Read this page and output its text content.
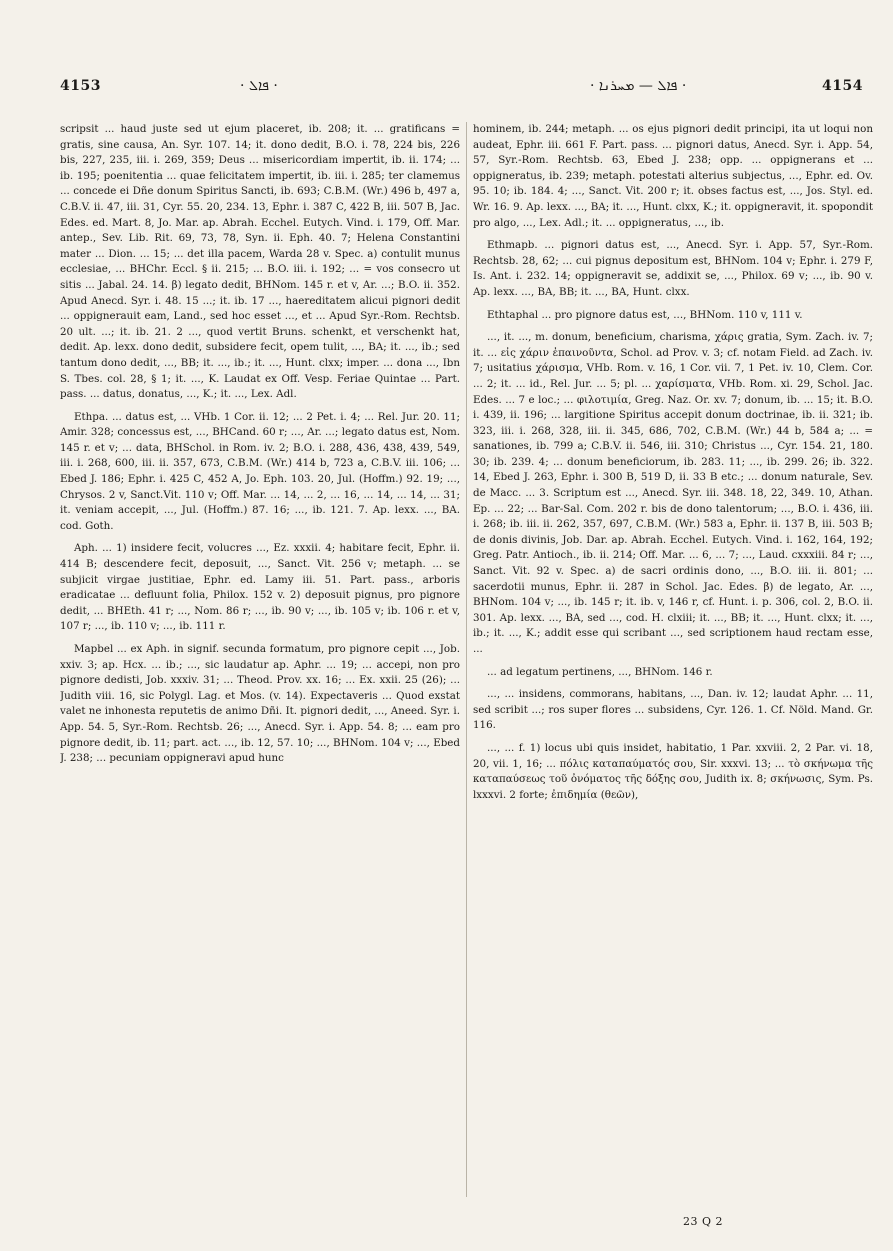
4153	· ܦܐܠ ·	· ܦܐܠ — ܡܚܪܢܐ ·	4154

scripsit ... haud juste sed ut ejum placeret, ib. 208; it. ... gratificans = gratis, sine causa, An. Syr. 107. 14; it. dono dedit, B.O. i. 78, 224 bis, 226 bis, 227, 235, iii. i. 269, 359; Deus ... misericordiam impertit, ib. ii. 174; ... ib. 195; poenitentia ... quae felicitatem impertit, ib. iii. i. 285; ter clamemus ... concede ei Dñe donum Spiritus Sancti, ib. 693; C.B.M. (Wr.) 496 b, 497 a, C.B.V. ii. 47, iii. 31, Cyr. 55. 20, 234. 13, Ephr. i. 387 C, 422 B, iii. 507 B, Jac. Edes. ed. Mart. 8, Jo. Mar. ap. Abrah. Ecchel. Eutych. Vind. i. 179, Off. Mar. antep., Sev. Lib. Rit. 69, 73, 78, Syn. ii. Eph. 40. 7; Helena Constantini mater ... Dion. ... 15; ... det illa pacem, Warda 28 v. Spec. a) contulit munus ecclesiae, ... BHChr. Eccl. § ii. 215; ... B.O. iii. i. 192; ... = vos consecro ut sitis ... Jabal. 24. 14. β) legato dedit, BHNom. 145 r. et v, Ar. ...; B.O. ii. 352. Apud Anecd. Syr. i. 48. 15 ...; it. ib. 17 ..., haereditatem alicui pignori dedit ... oppignerauit eam, Land., sed hoc esset ..., et ... Apud Syr.-Rom. Rechtsb. 20 ult. ...; it. ib. 21. 2 ..., quod vertit Bruns. schenkt, et verschenkt hat, dedit. Ap. lexx. dono dedit, subsidere fecit, opem tulit, ..., BA; it. ..., ib.; sed tantum dono dedit, ..., BB; it. ..., ib.; it. ..., Hunt. clxx; imper. ... dona ..., Ibn S. Tbes. col. 28, § 1; it. ..., K. Laudat ex Off. Vesp. Feriae Quintae ... Part. pass. ... datus, donatus, ..., K.; it. ..., Lex. Adl.

Ethpa. ... datus est, ... VHb. 1 Cor. ii. 12; ... 2 Pet. i. 4; ... Rel. Jur. 20. 11; Amir. 328; concessus est, ..., BHCand. 60 r; ..., Ar. ...; legato datus est, Nom. 145 r. et v; ... data, BHSchol. in Rom. iv. 2; B.O. i. 288, 436, 438, 439, 549, iii. i. 268, 600, iii. ii. 357, 673, C.B.M. (Wr.) 414 b, 723 a, C.B.V. iii. 106; ... Ebed J. 186; Ephr. i. 425 C, 452 A, Jo. Eph. 103. 20, Jul. (Hoffm.) 92. 19; ..., Chrysos. 2 v, Sanct.Vit. 110 v; Off. Mar. ... 14, ... 2, ... 16, ... 14, ... 14, ... 31; it. veniam accepit, ..., Jul. (Hoffm.) 87. 16; ..., ib. 121. 7. Ap. lexx. ..., BA. cod. Goth.

Aph. ... 1) insidere fecit, volucres ..., Ez. xxxii. 4; habitare fecit, Ephr. ii. 414 B; descendere fecit, deposuit, ..., Sanct. Vit. 256 v; metaph. ... se subjicit virgae justitiae, Ephr. ed. Lamy iii. 51. Part. pass., arboris eradicatae ... defluunt folia, Philox. 152 v. 2) deposuit pignus, pro pignore dedit, ... BHEth. 41 r; ..., Nom. 86 r; ..., ib. 90 v; ..., ib. 105 v; ib. 106 r. et v, 107 r; ..., ib. 110 v; ..., ib. 111 r.

Mapbel ... ex Aph. in signif. secunda formatum, pro pignore cepit ..., Job. xxiv. 3; ap. Hcx. ... ib.; ..., sic laudatur ap. Aphr. ... 19; ... accepi, non pro pignore dedisti, Job. xxxiv. 31; ... Theod. Prov. xx. 16; ... Ex. xxii. 25 (26); ... Judith viii. 16, sic Polygl. Lag. et Mos. (v. 14). Expectaveris ... Quod exstat valet ne inhonesta reputetis de animo Dñi. It. pignori dedit, ..., Aneed. Syr. i. App. 54. 5, Syr.-Rom. Rechtsb. 26; ..., Anecd. Syr. i. App. 54. 8; ... eam pro pignore dedit, ib. 11; part. act. ..., ib. 12, 57. 10; ..., BHNom. 104 v; ..., Ebed J. 238; ... pecuniam oppigneravi apud hunc

hominem, ib. 244; metaph. ... os ejus pignori dedit principi, ita ut loqui non audeat, Ephr. iii. 661 F. Part. pass. ... pignori datus, Anecd. Syr. i. App. 54, 57, Syr.-Rom. Rechtsb. 63, Ebed J. 238; opp. ... oppignerans et ... oppigneratus, ib. 239; metaph. potestati alterius subjectus, ..., Ephr. ed. Ov. 95. 10; ib. 184. 4; ..., Sanct. Vit. 200 r; it. obses factus est, ..., Jos. Styl. ed. Wr. 16. 9. Ap. lexx. ..., BA; it. ..., Hunt. clxx, K.; it. oppigneravit, it. spopondit pro algo, ..., Lex. Adl.; it. ... oppigneratus, ..., ib.

Ethmapb. ... pignori datus est, ..., Anecd. Syr. i. App. 57, Syr.-Rom. Rechtsb. 28, 62; ... cui pignus depositum est, BHNom. 104 v; Ephr. i. 279 F, Is. Ant. i. 232. 14; oppigneravit se, addixit se, ..., Philox. 69 v; ..., ib. 90 v. Ap. lexx. ..., BA, BB; it. ..., BA, Hunt. clxx.

Ethtaphal ... pro pignore datus est, ..., BHNom. 110 v, 111 v.

..., it. ..., m. donum, beneficium, charisma, χάρις gratia, Sym. Zach. iv. 7; it. ... εἰς χάριν ἐπαινοῦντα, Schol. ad Prov. v. 3; cf. notam Field. ad Zach. iv. 7; usitatius χάρισμα, VHb. Rom. v. 16, 1 Cor. vii. 7, 1 Pet. iv. 10, Clem. Cor. ... 2; it. ... id., Rel. Jur. ... 5; pl. ... χαρίσματα, VHb. Rom. xi. 29, Schol. Jac. Edes. ... 7 e loc.; ... φιλοτιμία, Greg. Naz. Or. xv. 7; donum, ib. ... 15; it. B.O. i. 439, ii. 196; ... largitione Spiritus accepit donum doctrinae, ib. ii. 321; ib. 323, iii. i. 268, 328, iii. ii. 345, 686, 702, C.B.M. (Wr.) 44 b, 584 a; ... = sanationes, ib. 799 a; C.B.V. ii. 546, iii. 310; Christus ..., Cyr. 154. 21, 180. 30; ib. 239. 4; ... donum beneficiorum, ib. 283. 11; ..., ib. 299. 26; ib. 322. 14, Ebed J. 263, Ephr. i. 300 B, 519 D, ii. 33 B etc.; ... donum naturale, Sev. de Macc. ... 3. Scriptum est ..., Anecd. Syr. iii. 348. 18, 22, 349. 10, Athan. Ep. ... 22; ... Bar-Sal. Com. 202 r. bis de dono talentorum; ..., B.O. i. 436, iii. i. 268; ib. iii. ii. 262, 357, 697, C.B.M. (Wr.) 583 a, Ephr. ii. 137 B, iii. 503 B; de donis divinis, Job. Dar. ap. Abrah. Ecchel. Eutych. Vind. i. 162, 164, 192; Greg. Patr. Antioch., ib. ii. 214; Off. Mar. ... 6, ... 7; ..., Laud. cxxxiii. 84 r; ..., Sanct. Vit. 92 v. Spec. a) de sacri ordinis dono, ..., B.O. iii. ii. 801; ... sacerdotii munus, Ephr. ii. 287 in Schol. Jac. Edes. β) de legato, Ar. ..., BHNom. 104 v; ..., ib. 145 r; it. ib. v, 146 r, cf. Hunt. i. p. 306, col. 2, B.O. ii. 301. Ap. lexx. ..., BA, sed ..., cod. H. clxiii; it. ..., BB; it. ..., Hunt. clxx; it. ..., ib.; it. ..., K.; addit esse qui scribant ..., sed scriptionem haud rectam esse, ...

... ad legatum pertinens, ..., BHNom. 146 r.

..., ... insidens, commorans, habitans, ..., Dan. iv. 12; laudat Aphr. ... 11, sed scribit ...; ros super flores ... subsidens, Cyr. 126. 1. Cf. Nöld. Mand. Gr. 116.

..., ... f. 1) locus ubi quis insidet, habitatio, 1 Par. xxviii. 2, 2 Par. vi. 18, 20, vii. 1, 16; ... πόλις καταπαύματός σου, Sir. xxxvi. 13; ... τὸ σκήνωμα τῆς καταπαύσεως τοῦ ὀνόματος τῆς δόξης σου, Judith ix. 8; σκήνωσις, Sym. Ps. lxxxvi. 2 forte; ἐπιδημία (θεῶν),

23 Q 2
